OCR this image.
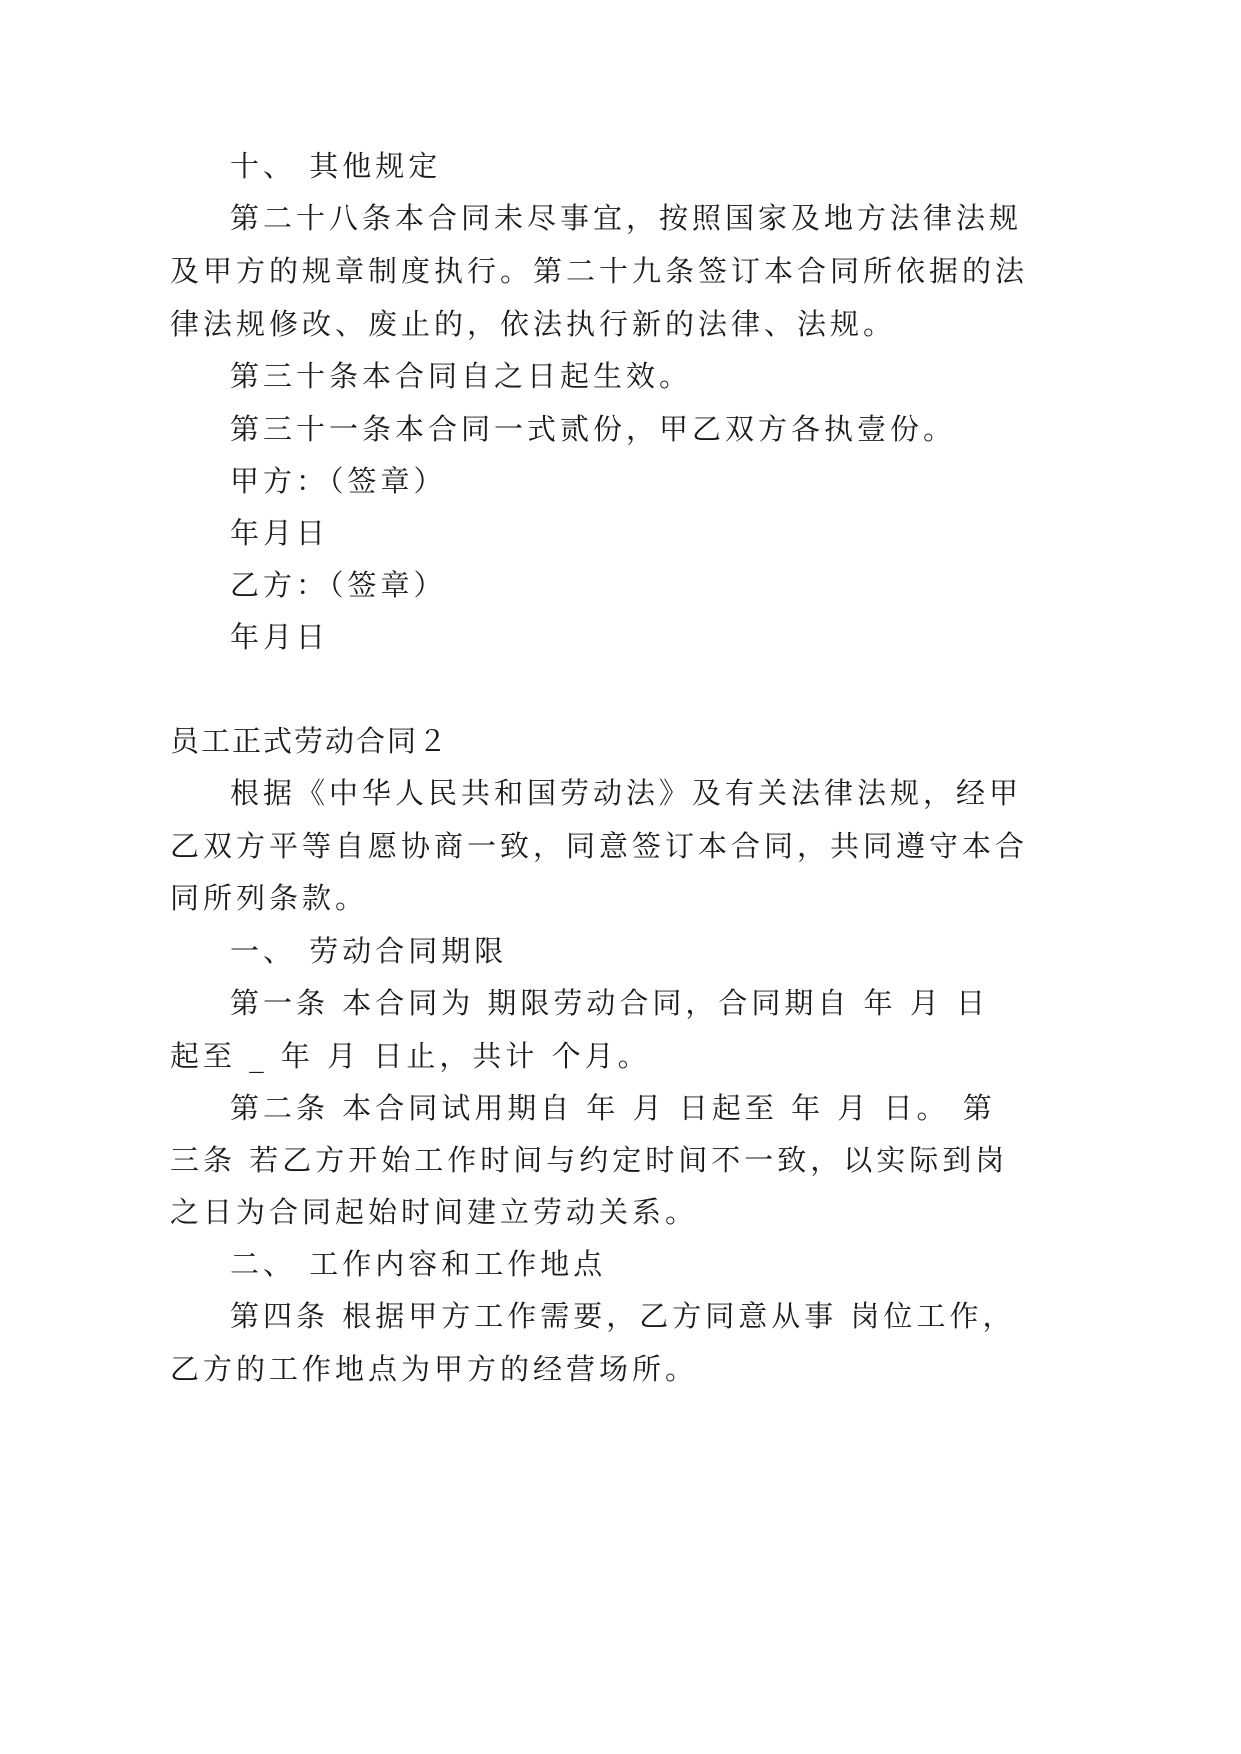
十、 其他规定

第二十八条本合同未尽事宜，按照国家及地方法律法规

及甲方的规章制度执行。第二十九条签订本合同所依据的法

律法规修改、废止的，依法执行新的法律、法规。

第三十条本合同自之日起生效。

第三十一条本合同一式贰份，甲乙双方各执壹份。

甲方：（签章）

年月日

乙方：（签章）

年月日

员工正式劳动合同２

根据《中华人民共和国劳动法》及有关法律法规，经甲

乙双方平等自愿协商一致，同意签订本合同，共同遵守本合

同所列条款。

一、 劳动合同期限

第一条 本合同为 期限劳动合同，合同期自 年 月 日

起至 _ 年 月 日止，共计 个月。

第二条 本合同试用期自 年 月 日起至 年 月 日。 第

三条 若乙方开始工作时间与约定时间不一致，以实际到岗

之日为合同起始时间建立劳动关系。

二、 工作内容和工作地点

第四条 根据甲方工作需要，乙方同意从事 岗位工作，

乙方的工作地点为甲方的经营场所。
